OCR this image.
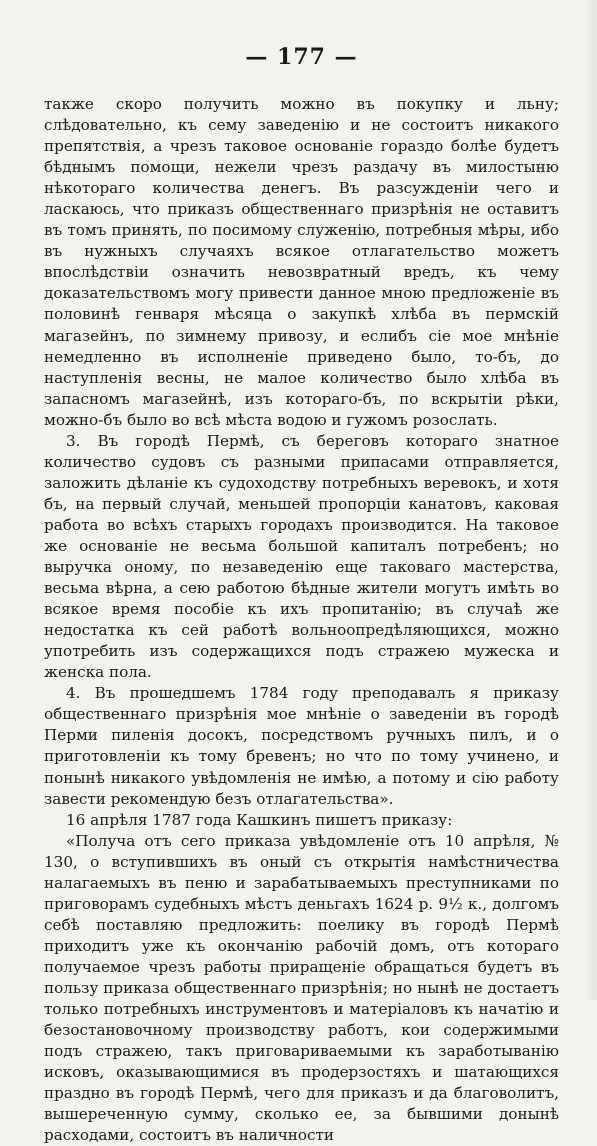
— 177 —

также скоро получить можно въ покупку и льну; слѣдовательно, къ сему заведенiю и не состоитъ никакого препятствiя, а чрезъ таковое основанiе гораздо болѣе будетъ бѣднымъ помощи, нежели чрезъ раздачу въ милостыню нѣкотораго количества денегъ. Въ разсужденiи чего и ласкаюсь, что приказъ общественнаго призрѣнiя не оставитъ въ томъ принять, по посимому служенiю, потребныя мѣры, ибо въ нужныхъ случаяхъ всякое отлагательство можетъ впослѣдствiи означить невозвратный вредъ, къ чему доказательствомъ могу привести данное мною предложенiе въ половинѣ генваря мѣсяца о закупкѣ хлѣба въ пермскiй магазейнъ, по зимнему привозу, и еслибъ сiе мое мнѣнiе немедленно въ исполненiе приведено было, то-бъ, до наступленiя весны, не малое количество было хлѣба въ запасномъ магазейнѣ, изъ котораго-бъ, по вскрытiи рѣки, можно-бъ было во всѣ мѣста водою и гужомъ розослать.

3. Въ городѣ Пермѣ, съ береговъ котораго знатное количество судовъ съ разными припасами отправляется, заложить дѣланiе къ судоходству потребныхъ веревокъ, и хотя бъ, на первый случай, меньшей пропорцiи канатовъ, каковая работа во всѣхъ старыхъ городахъ производится. На таковое же основанiе не весьма большой капиталъ потребенъ; но выручка оному, по незаведенiю еще таковаго мастерства, весьма вѣрна, а сею работою бѣдные жители могутъ имѣть во всякое время пособiе къ ихъ пропитанiю; въ случаѣ же недостатка къ сей работѣ вольноопредѣляющихся, можно употребить изъ содержащихся подъ стражею мужеска и женска пола.

4. Въ прошедшемъ 1784 году преподавалъ я приказу общественнаго призрѣнiя мое мнѣнiе о заведенiи въ городѣ Перми пиленiя досокъ, посредствомъ ручныхъ пилъ, и о приготовленiи къ тому бревенъ; но что по тому учинено, и понынѣ никакого увѣдомленiя не имѣю, а потому и сiю работу завести рекомендую безъ отлагательства».

16 апрѣля 1787 года Кашкинъ пишетъ приказу:

«Получа отъ сего приказа увѣдомленiе отъ 10 апрѣля, № 130, о вступившихъ въ оный съ открытiя намѣстничества налагаемыхъ въ пеню и зарабатываемыхъ преступниками по приговорамъ судебныхъ мѣстъ деньгахъ 1624 р. 9½ к., долгомъ себѣ поставляю предложить: поелику въ городѣ Пермѣ приходитъ уже къ окончанiю рабочiй домъ, отъ котораго получаемое чрезъ работы приращенiе обращаться будетъ въ пользу приказа общественнаго призрѣнiя; но нынѣ не достаетъ только потребныхъ инструментовъ и матерiаловъ къ начатiю и безостановочному производству работъ, кои содержимыми подъ стражею, такъ приговариваемыми къ заработыванiю исковъ, оказывающимися въ продерзостяхъ и шатающихся праздно въ городѣ Пермѣ, чего для приказъ и да благоволитъ, вышереченную сумму, сколько ее, за бывшими донынѣ расходами, состоитъ въ наличности
